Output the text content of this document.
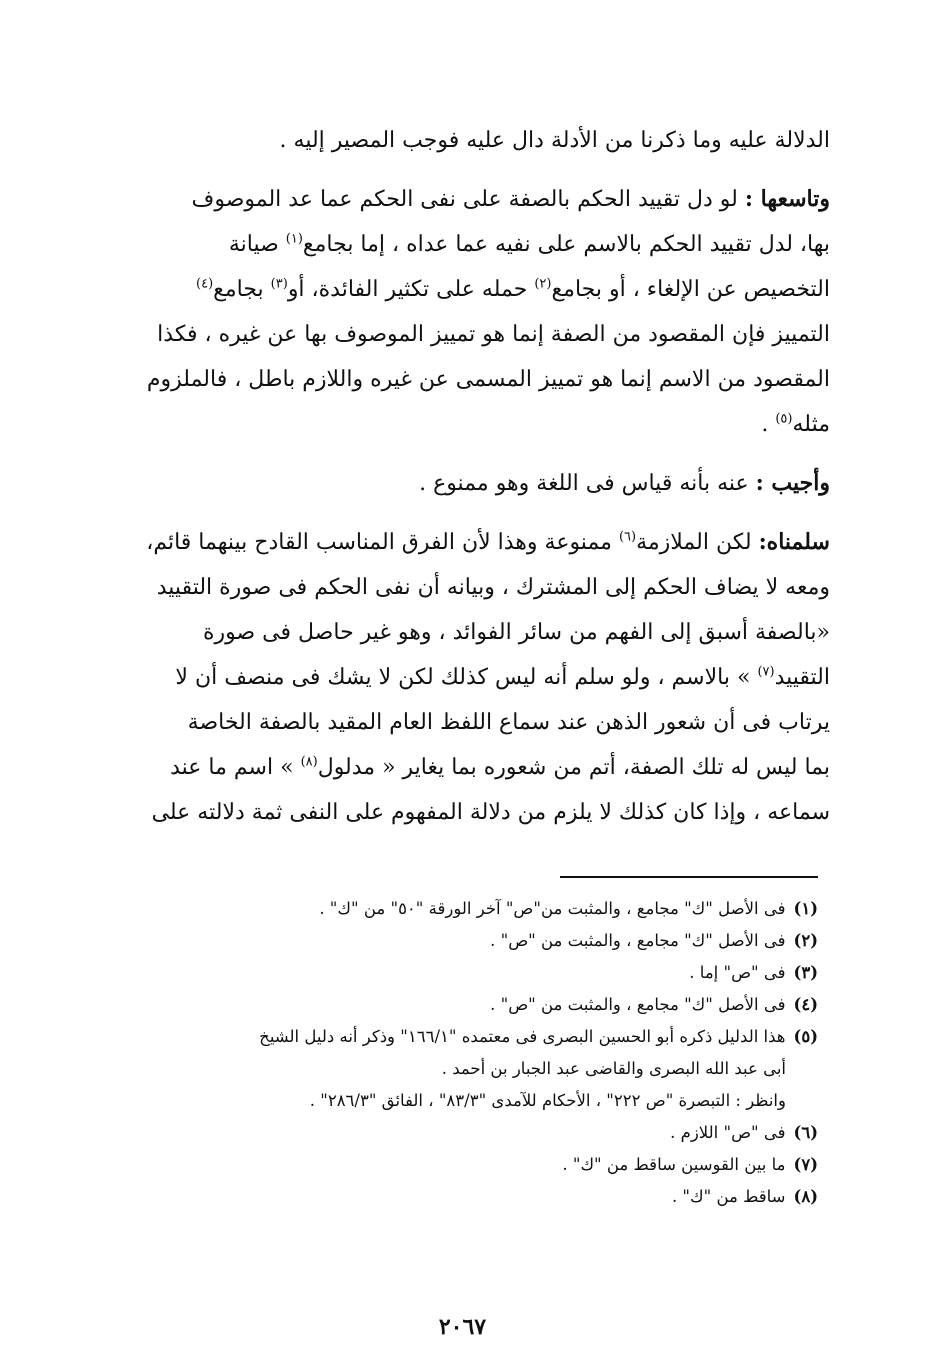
الدلالة عليه وما ذكرنا من الأدلة دال عليه فوجب المصير إليه .
وتاسعها : لو دل تقييد الحكم بالصفة على نفى الحكم عما عد الموصوف
بها، لدل تقييد الحكم بالاسم على نفيه عما عداه ، إما بجامع$^{(١)}$ صيانة
التخصيص عن الإلغاء ، أو بجامع$^{(٢)}$ حمله على تكثير الفائدة، أو$^{(٣)}$ بجامع$^{(٤)}$
التمييز فإن المقصود من الصفة إنما هو تمييز الموصوف بها عن غيره ، فكذا
المقصود من الاسم إنما هو تمييز المسمى عن غيره واللازم باطل ، فالملزوم
مثله$^{(٥)}$ .
وأجيب : عنه بأنه قياس فى اللغة وهو ممنوع .
سلمناه: لكن الملازمة$^{(٦)}$ ممنوعة وهذا لأن الفرق المناسب القادح بينهما قائم،
ومعه لا يضاف الحكم إلى المشترك ، وبيانه أن نفى الحكم فى صورة التقييد
«بالصفة أسبق إلى الفهم من سائر الفوائد ، وهو غير حاصل فى صورة
التقييد$^{(٧)}$ » بالاسم ، ولو سلم أنه ليس كذلك لكن لا يشك فى منصف أن لا
يرتاب فى أن شعور الذهن عند سماع اللفظ العام المقيد بالصفة الخاصة
بما ليس له تلك الصفة، أتم من شعوره بما يغاير « مدلول$^{(٨)}$ » اسم ما عند
سماعه ، وإذا كان كذلك لا يلزم من دلالة المفهوم على النفى ثمة دلالته على
(١)فى الأصل "ك" مجامع ، والمثبت من"ص" آخر الورقة "٥٠" من "ك" .
(٢)فى الأصل "ك" مجامع ، والمثبت من "ص" .
(٣)فى "ص" إما .
(٤)فى الأصل "ك" مجامع ، والمثبت من "ص" .
(٥)هذا الدليل ذكره أبو الحسين البصرى فى معتمده "١٦٦/١" وذكر أنه دليل الشيخ
أبى عبد الله البصرى والقاضى عبد الجبار بن أحمد .
وانظر : التبصرة "ص ٢٢٢" ، الأحكام للآمدى "٨٣/٣" ، الفائق "٢٨٦/٣" .
(٦)فى "ص" اللازم .
(٧)ما بين القوسين ساقط من "ك" .
(٨)ساقط من "ك" .
٢٠٦٧
